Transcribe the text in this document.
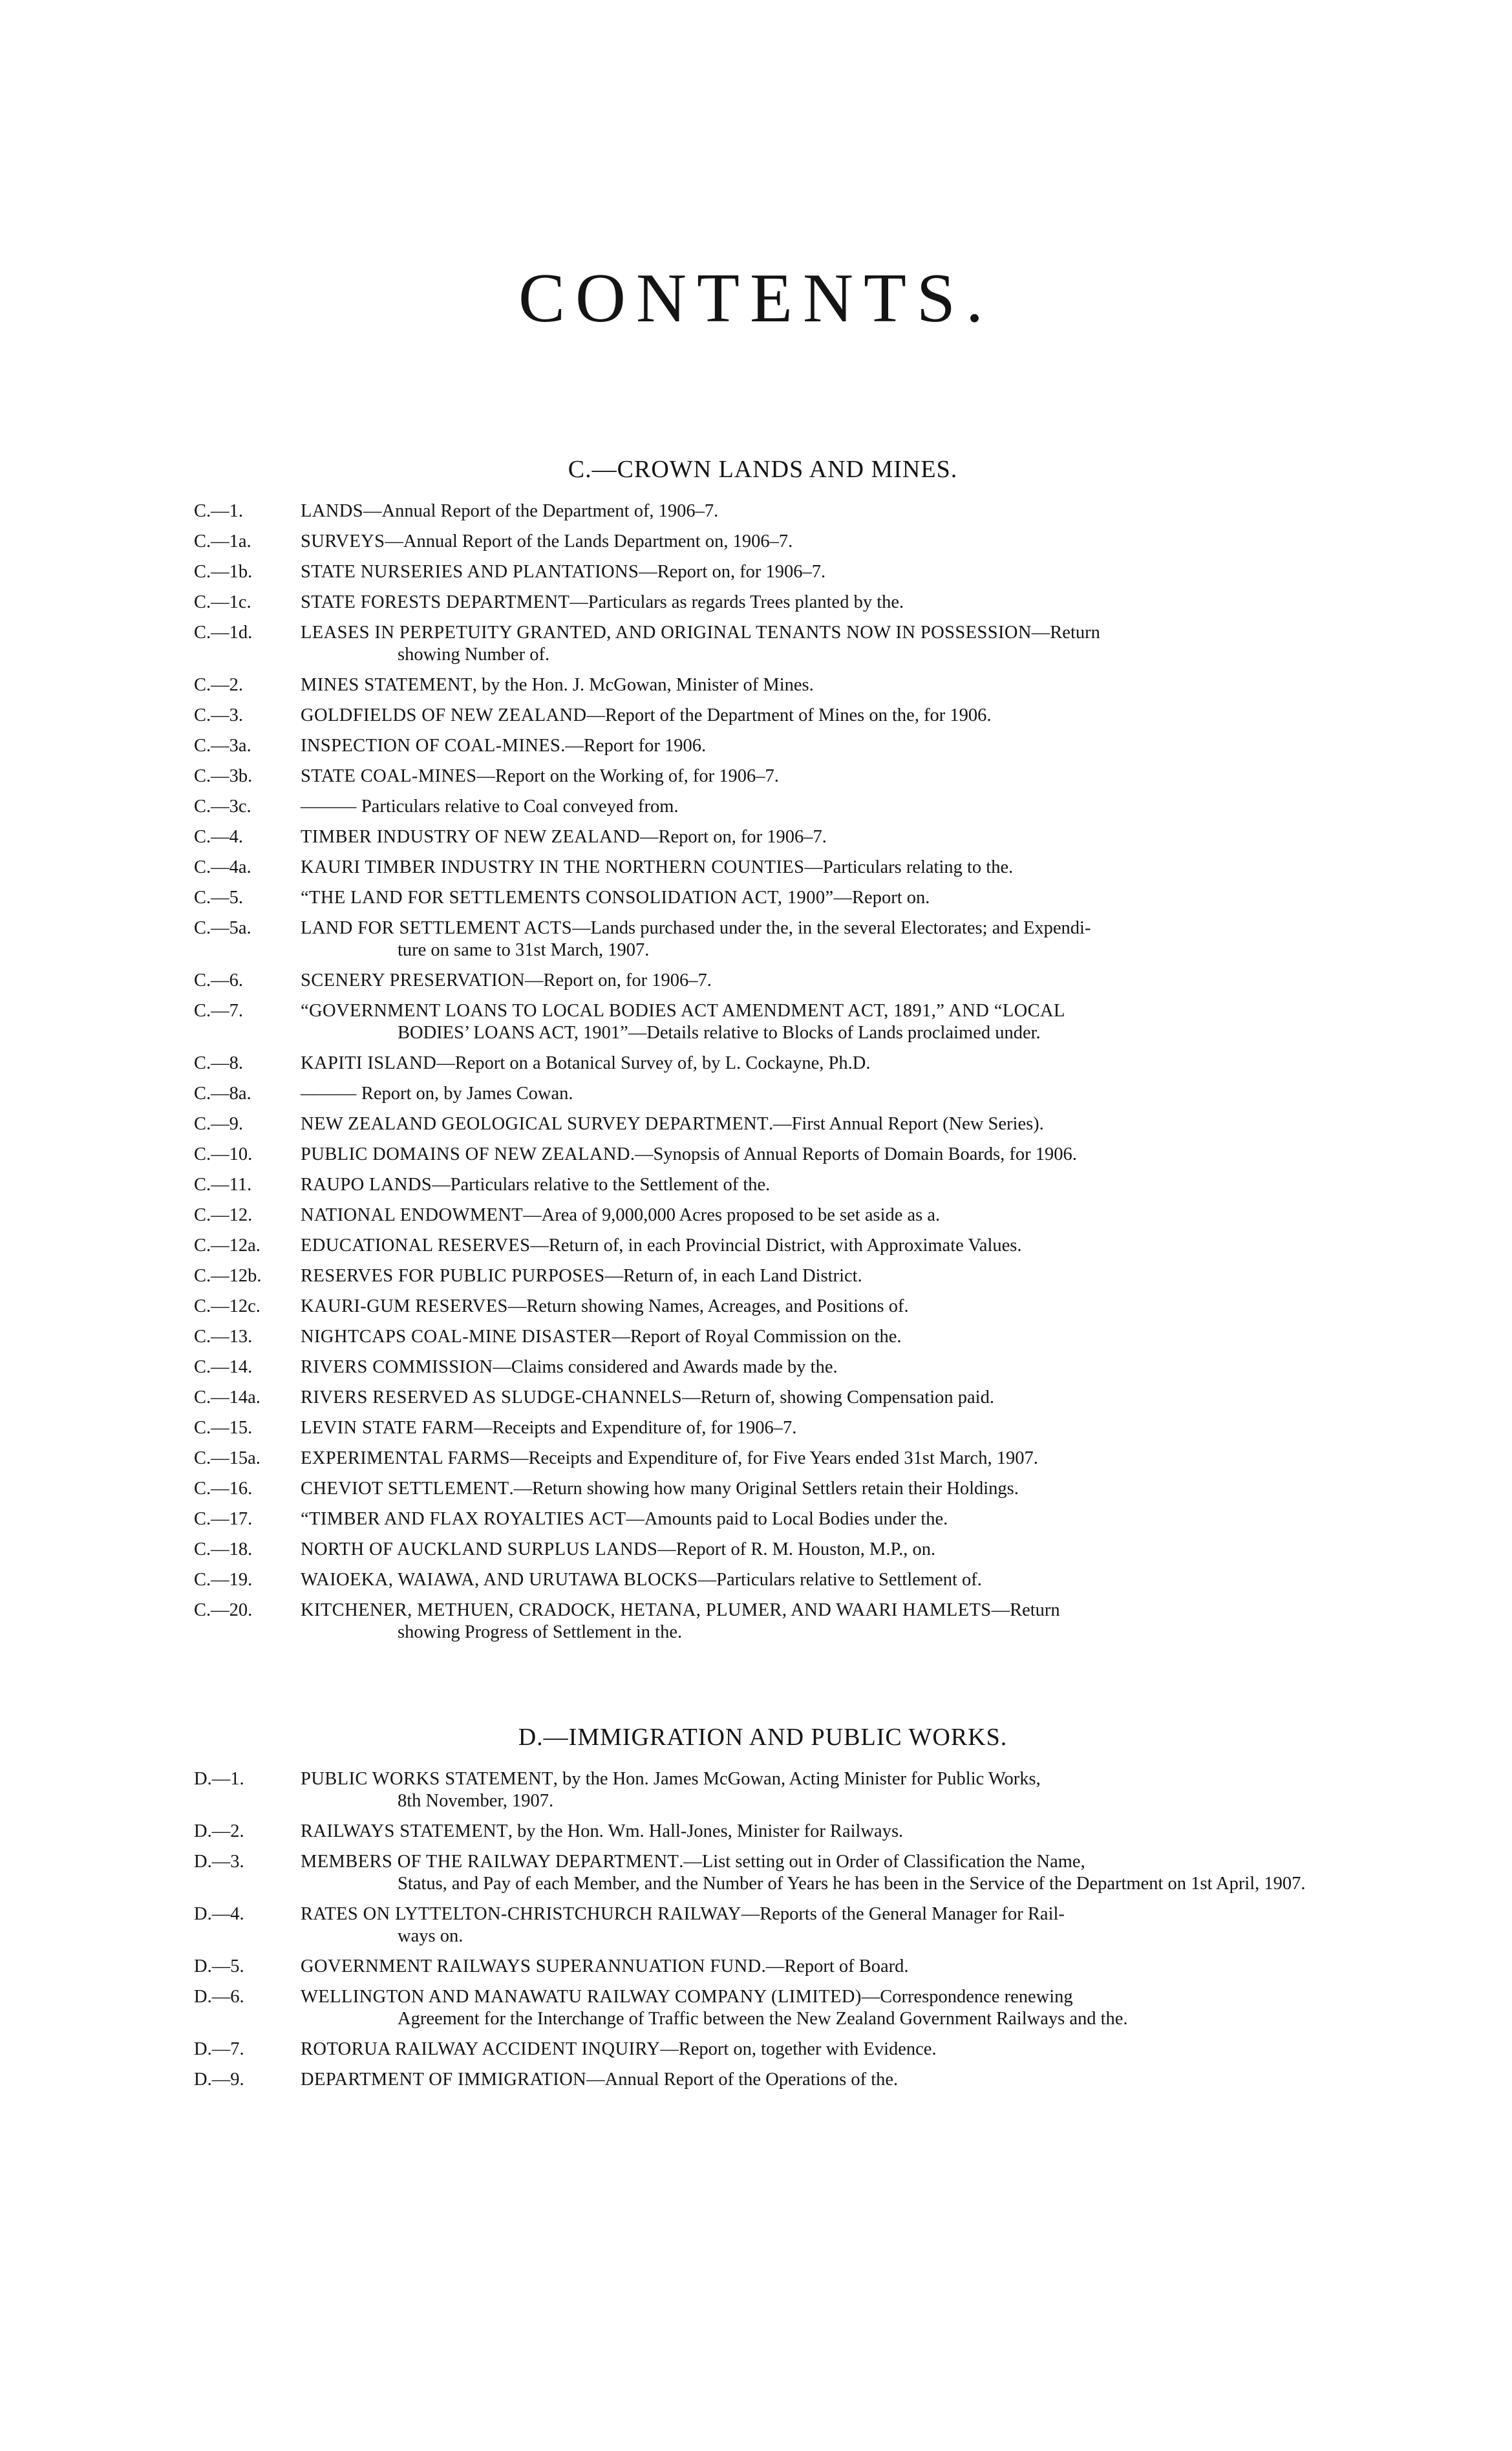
CONTENTS.
C.—CROWN LANDS AND MINES.
C.—1.	LANDS—Annual Report of the Department of, 1906–7.
C.—1a.	SURVEYS—Annual Report of the Lands Department on, 1906–7.
C.—1b.	STATE NURSERIES AND PLANTATIONS—Report on, for 1906–7.
C.—1c.	STATE FORESTS DEPARTMENT—Particulars as regards Trees planted by the.
C.—1d.	LEASES IN PERPETUITY GRANTED, AND ORIGINAL TENANTS NOW IN POSSESSION—Return
showing Number of.
C.—2.	MINES STATEMENT, by the Hon. J. McGowan, Minister of Mines.
C.—3.	GOLDFIELDS OF NEW ZEALAND—Report of the Department of Mines on the, for 1906.
C.—3a.	INSPECTION OF COAL-MINES.—Report for 1906.
C.—3b.	STATE COAL-MINES—Report on the Working of, for 1906–7.
C.—3c.	——— Particulars relative to Coal conveyed from.
C.—4.	TIMBER INDUSTRY OF NEW ZEALAND—Report on, for 1906–7.
C.—4a.	KAURI TIMBER INDUSTRY IN THE NORTHERN COUNTIES—Particulars relating to the.
C.—5.	“THE LAND FOR SETTLEMENTS CONSOLIDATION ACT, 1900”—Report on.
C.—5a.	LAND FOR SETTLEMENT ACTS—Lands purchased under the, in the several Electorates; and Expendi-
ture on same to 31st March, 1907.
C.—6.	SCENERY PRESERVATION—Report on, for 1906–7.
C.—7.	“GOVERNMENT LOANS TO LOCAL BODIES ACT AMENDMENT ACT, 1891,” AND “LOCAL
BODIES’ LOANS ACT, 1901”—Details relative to Blocks of Lands proclaimed under.
C.—8.	KAPITI ISLAND—Report on a Botanical Survey of, by L. Cockayne, Ph.D.
C.—8a.	——— Report on, by James Cowan.
C.—9.	NEW ZEALAND GEOLOGICAL SURVEY DEPARTMENT.—First Annual Report (New Series).
C.—10.	PUBLIC DOMAINS OF NEW ZEALAND.—Synopsis of Annual Reports of Domain Boards, for 1906.
C.—11.	RAUPO LANDS—Particulars relative to the Settlement of the.
C.—12.	NATIONAL ENDOWMENT—Area of 9,000,000 Acres proposed to be set aside as a.
C.—12a.	EDUCATIONAL RESERVES—Return of, in each Provincial District, with Approximate Values.
C.—12b.	RESERVES FOR PUBLIC PURPOSES—Return of, in each Land District.
C.—12c.	KAURI-GUM RESERVES—Return showing Names, Acreages, and Positions of.
C.—13.	NIGHTCAPS COAL-MINE DISASTER—Report of Royal Commission on the.
C.—14.	RIVERS COMMISSION—Claims considered and Awards made by the.
C.—14a.	RIVERS RESERVED AS SLUDGE-CHANNELS—Return of, showing Compensation paid.
C.—15.	LEVIN STATE FARM—Receipts and Expenditure of, for 1906–7.
C.—15a.	EXPERIMENTAL FARMS—Receipts and Expenditure of, for Five Years ended 31st March, 1907.
C.—16.	CHEVIOT SETTLEMENT.—Return showing how many Original Settlers retain their Holdings.
C.—17.	“TIMBER AND FLAX ROYALTIES ACT—Amounts paid to Local Bodies under the.
C.—18.	NORTH OF AUCKLAND SURPLUS LANDS—Report of R. M. Houston, M.P., on.
C.—19.	WAIOEKA, WAIAWA, AND URUTAWA BLOCKS—Particulars relative to Settlement of.
C.—20.	KITCHENER, METHUEN, CRADOCK, HETANA, PLUMER, AND WAARI HAMLETS—Return
showing Progress of Settlement in the.
D.—IMMIGRATION AND PUBLIC WORKS.
D.—1.	PUBLIC WORKS STATEMENT, by the Hon. James McGowan, Acting Minister for Public Works,
8th November, 1907.
D.—2.	RAILWAYS STATEMENT, by the Hon. Wm. Hall-Jones, Minister for Railways.
D.—3.	MEMBERS OF THE RAILWAY DEPARTMENT.—List setting out in Order of Classification the Name,
Status, and Pay of each Member, and the Number of Years he has been in the Service of the Department on 1st April, 1907.
D.—4.	RATES ON LYTTELTON-CHRISTCHURCH RAILWAY—Reports of the General Manager for Rail-
ways on.
D.—5.	GOVERNMENT RAILWAYS SUPERANNUATION FUND.—Report of Board.
D.—6.	WELLINGTON AND MANAWATU RAILWAY COMPANY (LIMITED)—Correspondence renewing
Agreement for the Interchange of Traffic between the New Zealand Government Railways and the.
D.—7.	ROTORUA RAILWAY ACCIDENT INQUIRY—Report on, together with Evidence.
D.—9.	DEPARTMENT OF IMMIGRATION—Annual Report of the Operations of the.
